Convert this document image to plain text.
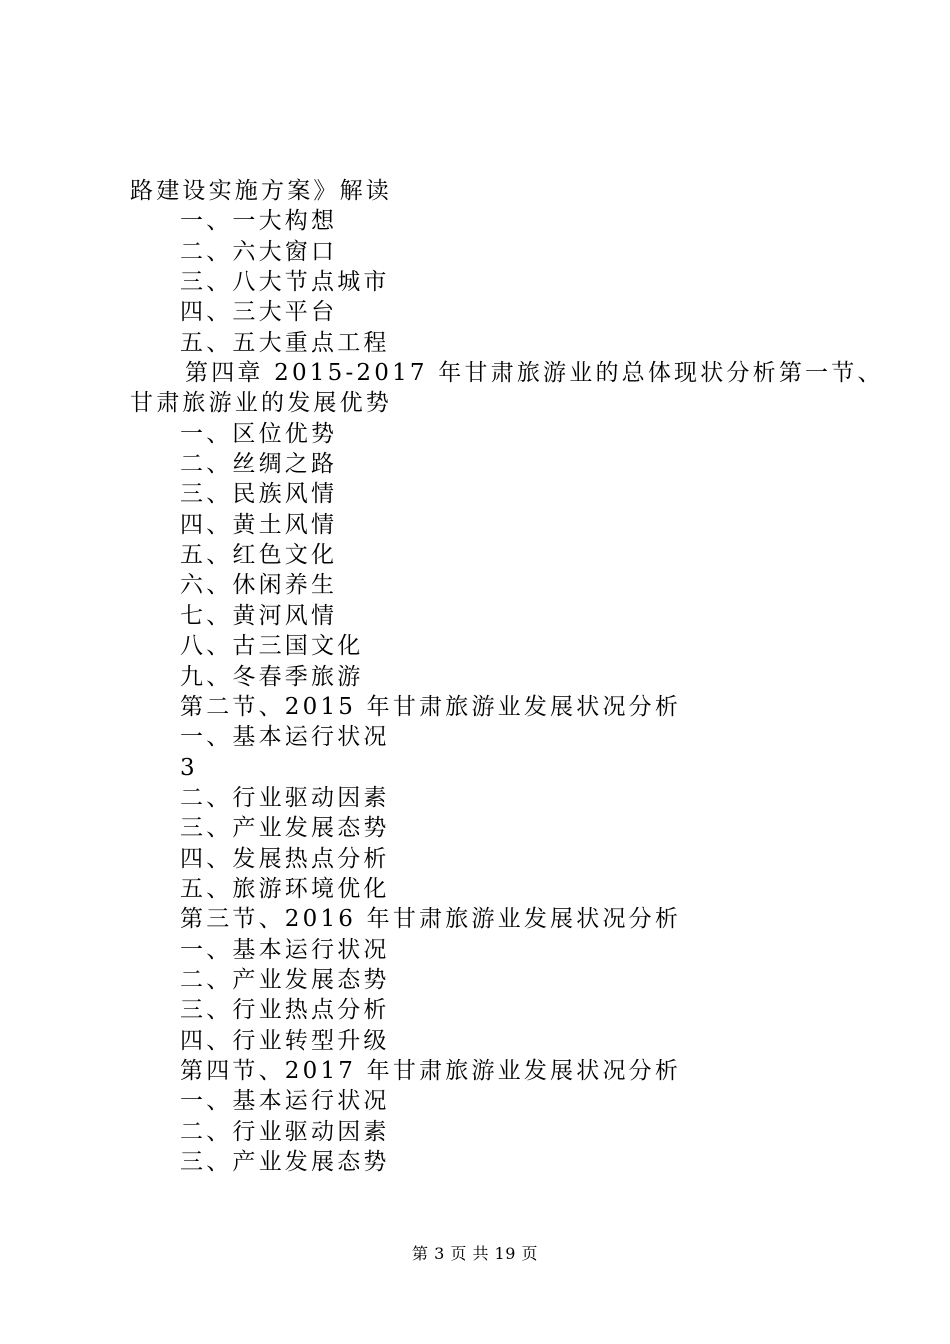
路建设实施方案》解读
一、一大构想
二、六大窗口
三、八大节点城市
四、三大平台
五、五大重点工程
第四章 2015-2017 年甘肃旅游业的总体现状分析第一节、
甘肃旅游业的发展优势
一、区位优势
二、丝绸之路
三、民族风情
四、黄土风情
五、红色文化
六、休闲养生
七、黄河风情
八、古三国文化
九、冬春季旅游
第二节、2015 年甘肃旅游业发展状况分析
一、基本运行状况
3
二、行业驱动因素
三、产业发展态势
四、发展热点分析
五、旅游环境优化
第三节、2016 年甘肃旅游业发展状况分析
一、基本运行状况
二、产业发展态势
三、行业热点分析
四、行业转型升级
第四节、2017 年甘肃旅游业发展状况分析
一、基本运行状况
二、行业驱动因素
三、产业发展态势
第 3 页 共 19 页
